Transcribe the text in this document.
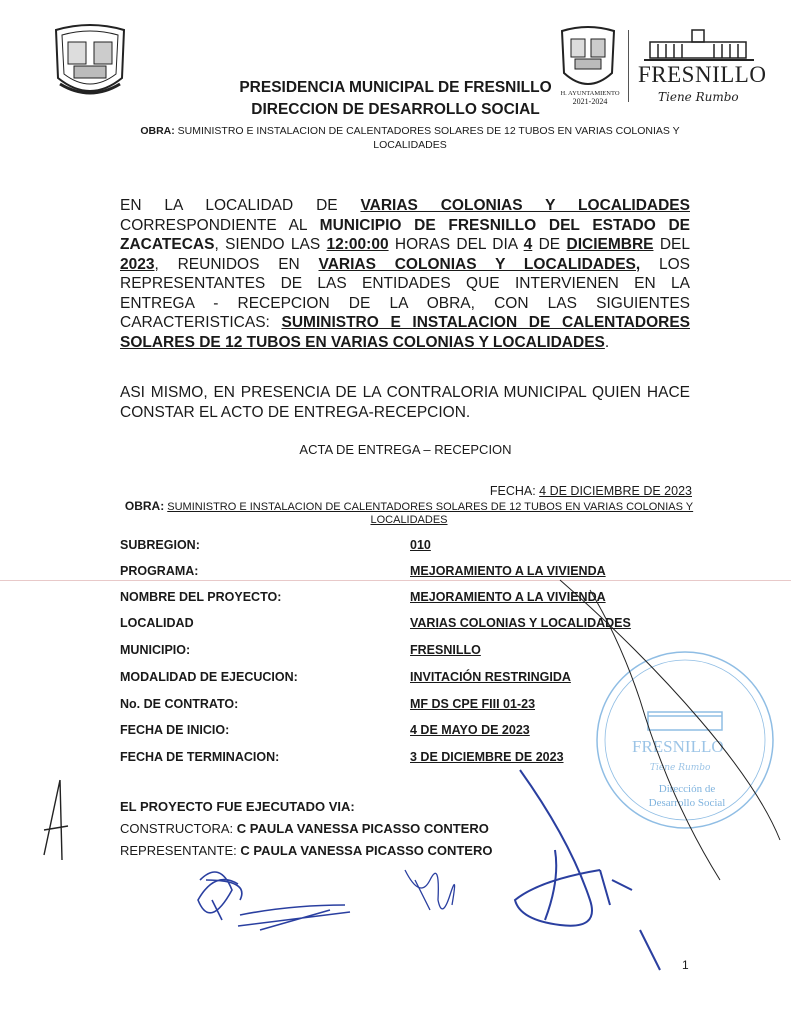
H. AYUNTAMIENTO
2021-2024
FRESNILLO
Tiene Rumbo
PRESIDENCIA MUNICIPAL DE FRESNILLO
DIRECCION DE DESARROLLO SOCIAL
OBRA: SUMINISTRO E INSTALACION DE CALENTADORES SOLARES DE 12 TUBOS EN VARIAS COLONIAS Y LOCALIDADES
EN LA LOCALIDAD DE VARIAS COLONIAS Y LOCALIDADES CORRESPONDIENTE AL MUNICIPIO DE FRESNILLO DEL ESTADO DE ZACATECAS, SIENDO LAS 12:00:00 HORAS DEL DIA 4 DE DICIEMBRE DEL 2023, REUNIDOS EN VARIAS COLONIAS Y LOCALIDADES, LOS REPRESENTANTES DE LAS ENTIDADES QUE INTERVIENEN EN LA ENTREGA - RECEPCION DE LA OBRA, CON LAS SIGUIENTES CARACTERISTICAS: SUMINISTRO E INSTALACION DE CALENTADORES SOLARES DE 12 TUBOS EN VARIAS COLONIAS Y LOCALIDADES.
ASI MISMO, EN PRESENCIA DE LA CONTRALORIA MUNICIPAL QUIEN HACE CONSTAR EL ACTO DE ENTREGA-RECEPCION.
ACTA DE ENTREGA – RECEPCION
FECHA: 4 DE DICIEMBRE DE 2023
OBRA: SUMINISTRO E INSTALACION DE CALENTADORES SOLARES DE 12 TUBOS EN VARIAS COLONIAS Y LOCALIDADES
SUBREGION:	010
PROGRAMA:	MEJORAMIENTO A LA VIVIENDA
NOMBRE DEL PROYECTO:	MEJORAMIENTO A LA VIVIENDA
LOCALIDAD	VARIAS COLONIAS Y LOCALIDADES
MUNICIPIO:	FRESNILLO
MODALIDAD DE EJECUCION:	INVITACIÓN RESTRINGIDA
No. DE CONTRATO:	MF DS CPE FIII 01-23
FECHA DE INICIO:	4 DE MAYO DE 2023
FECHA DE TERMINACION:	3 DE DICIEMBRE DE 2023
EL PROYECTO FUE EJECUTADO VIA:
CONSTRUCTORA: C PAULA VANESSA PICASSO CONTERO
REPRESENTANTE: C PAULA VANESSA PICASSO CONTERO
Dirección de
Desarrollo Social
1
FRESNILLO
Tiene Rumbo
